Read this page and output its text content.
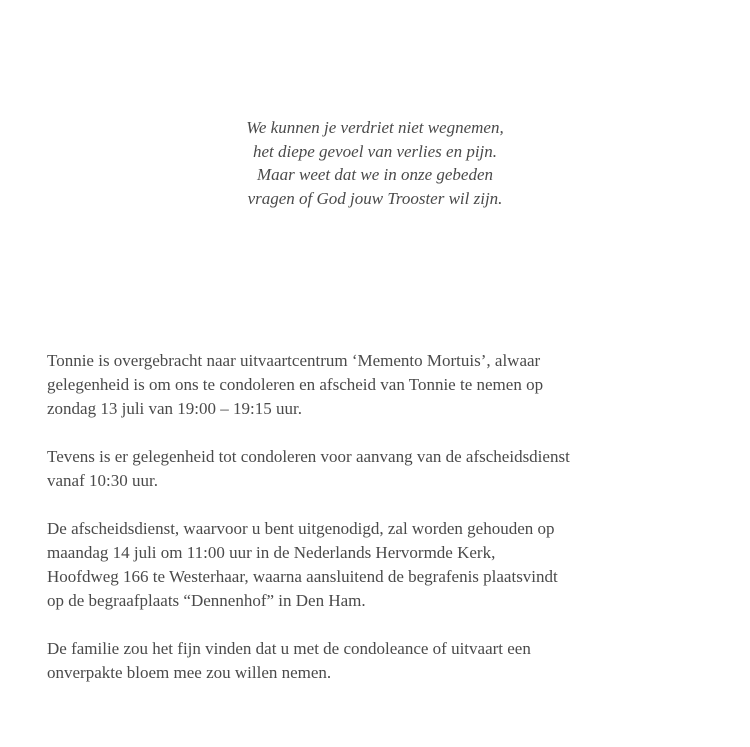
We kunnen je verdriet niet wegnemen,
het diepe gevoel van verlies en pijn.
Maar weet dat we in onze gebeden
vragen of God jouw Trooster wil zijn.

Tonnie is overgebracht naar uitvaartcentrum ‘Memento Mortuis’, alwaar
gelegenheid is om ons te condoleren en afscheid van Tonnie te nemen op
zondag 13 juli van 19:00 – 19:15 uur.

Tevens is er gelegenheid tot condoleren voor aanvang van de afscheidsdienst
vanaf 10:30 uur.

De afscheidsdienst, waarvoor u bent uitgenodigd, zal worden gehouden op
maandag 14 juli om 11:00 uur in de Nederlands Hervormde Kerk,
Hoofdweg 166 te Westerhaar, waarna aansluitend de begrafenis plaatsvindt
op de begraafplaats “Dennenhof” in Den Ham.

De familie zou het fijn vinden dat u met de condoleance of uitvaart een
onverpakte bloem mee zou willen nemen.
